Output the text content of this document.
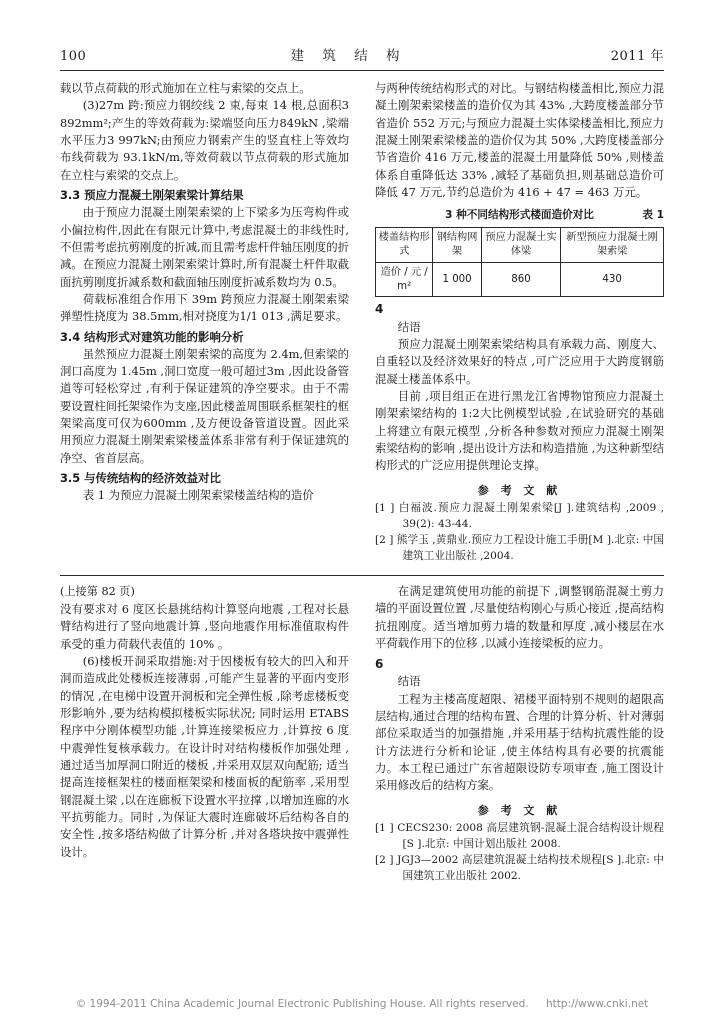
100	建 筑 结 构	2011 年

载以节点荷载的形式施加在立柱与索梁的交点上。

(3)27m 跨:预应力钢绞线 2 束,每束 14 根,总面积3 892mm²;产生的等效荷载为:梁端竖向压力849kN ,梁端水平压力3 997kN;由预应力钢索产生的竖直柱上等效均布线荷载为 93.1kN/m,等效荷载以节点荷载的形式施加在立柱与索梁的交点上。

3.3 预应力混凝土刚架索梁计算结果

由于预应力混凝土刚架索梁的上下梁多为压弯构件或小偏拉构件,因此在有限元计算中,考虑混凝土的非线性时,不但需考虑抗剪刚度的折减,而且需考虑杆件轴压刚度的折减。在预应力混凝土刚架索梁计算时,所有混凝土杆件取截面抗剪刚度折减系数和截面轴压刚度折减系数均为 0.5。

荷载标准组合作用下 39m 跨预应力混凝土刚架索梁弹塑性挠度为 38.5mm,相对挠度为1/1 013 ,满足要求。

3.4 结构形式对建筑功能的影响分析

虽然预应力混凝土刚架索梁的高度为 2.4m,但索梁的洞口高度为 1.45m ,洞口宽度一般可超过3m ,因此设备管道等可轻松穿过 ,有利于保证建筑的净空要求。由于不需要设置柱间托架梁作为支座,因此楼盖周围联系框架柱的框架梁高度可仅为600mm ,及方便设备管道设置。因此采用预应力混凝土刚架索梁楼盖体系非常有利于保证建筑的净空、省首层高。

3.5 与传统结构的经济效益对比

表 1 为预应力混凝土刚架索梁楼盖结构的造价

与两种传统结构形式的对比。与钢结构楼盖相比,预应力混凝土刚架索梁楼盖的造价仅为其 43% ,大跨度楼盖部分节省造价 552 万元;与预应力混凝土实体梁楼盖相比,预应力混凝土刚架索梁楼盖的造价仅为其 50% ,大跨度楼盖部分节省造价 416 万元,楼盖的混凝土用量降低 50% ,则楼盖体系自重降低达 33% ,减轻了基础负担,则基础总造价可降低 47 万元,节约总造价为 416 + 47 = 463 万元。

3 种不同结构形式楼面造价对比	表 1
楼盖结构形式	钢结构网架	预应力混凝土实体梁	新型预应力混凝土刚架索梁
造价 / 元 / m²	1 000	860	430

4

结语

预应力混凝土刚架索梁结构具有承载力高、刚度大、自重轻以及经济效果好的特点 ,可广泛应用于大跨度钢筋混凝土楼盖体系中。

目前 ,项目组正在进行黑龙江省博物馆预应力混凝土刚架索梁结构的 1:2大比例模型试验 ,在试验研究的基础上将建立有限元模型 ,分析各种参数对预应力混凝土刚架索梁结构的影响 ,提出设计方法和构造措施 ,为这种新型结构形式的广泛应用提供理论支撑。

参 考 文 献

[1 ] 白福波.预应力混凝土刚架索梁[J ].建筑结构 ,2009 , 39(2): 43-44.

[2 ] 熊学玉 ,黄鼎业.预应力工程设计施工手册[M ].北京: 中国建筑工业出版社 ,2004.

(上接第 82 页)

没有要求对 6 度区长悬挑结构计算竖向地震 ,工程对长悬臂结构进行了竖向地震计算 ,竖向地震作用标准值取构件承受的重力荷载代表值的 10% 。

(6)楼板开洞采取措施:对于因楼板有较大的凹入和开洞而造成此处楼板连接薄弱 ,可能产生显著的平面内变形的情况 ,在电梯中设置开洞板和完全弹性板 ,除考虑楼板变形影响外 ,要为结构模拟楼板实际状况; 同时运用 ETABS 程序中分刚体模型功能 ,计算连接梁板应力 ,计算按 6 度中震弹性复核承载力。在设计时对结构楼板作加强处理 ,通过适当加厚洞口附近的楼板 ,并采用双层双向配筋; 适当提高连接框架柱的楼面框架梁和楼面板的配筋率 ,采用型钢混凝土梁 ,以在连廊板下设置水平拉撑 ,以增加连廊的水平抗剪能力。同时 ,为保证大震时连廊破坏后结构各自的安全性 ,按多塔结构做了计算分析 ,并对各塔块按中震弹性设计。

在满足建筑使用功能的前提下 ,调整钢筋混凝土剪力墙的平面设置位置 ,尽量使结构刚心与质心接近 ,提高结构抗扭刚度。适当增加剪力墙的数量和厚度 ,减小楼层在水平荷载作用下的位移 ,以减小连接梁板的应力。

6

结语

工程为主楼高度超限、裙楼平面特别不规则的超限高层结构,通过合理的结构布置、合理的计算分析、针对薄弱部位采取适当的加强措施 ,并采用基于结构抗震性能的设计方法进行分析和论证 ,使主体结构具有必要的抗震能力。本工程已通过广东省超限设防专项审查 ,施工图设计采用修改后的结构方案。

参 考 文 献

[1 ] CECS230: 2008 高层建筑钢-混凝土混合结构设计规程 [S ].北京: 中国计划出版社 2008.

[2 ] JGJ3—2002 高层建筑混凝土结构技术规程[S ].北京: 中国建筑工业出版社 2002.

© 1994-2011 China Academic Journal Electronic Publishing House. All rights reserved. http://www.cnki.net
